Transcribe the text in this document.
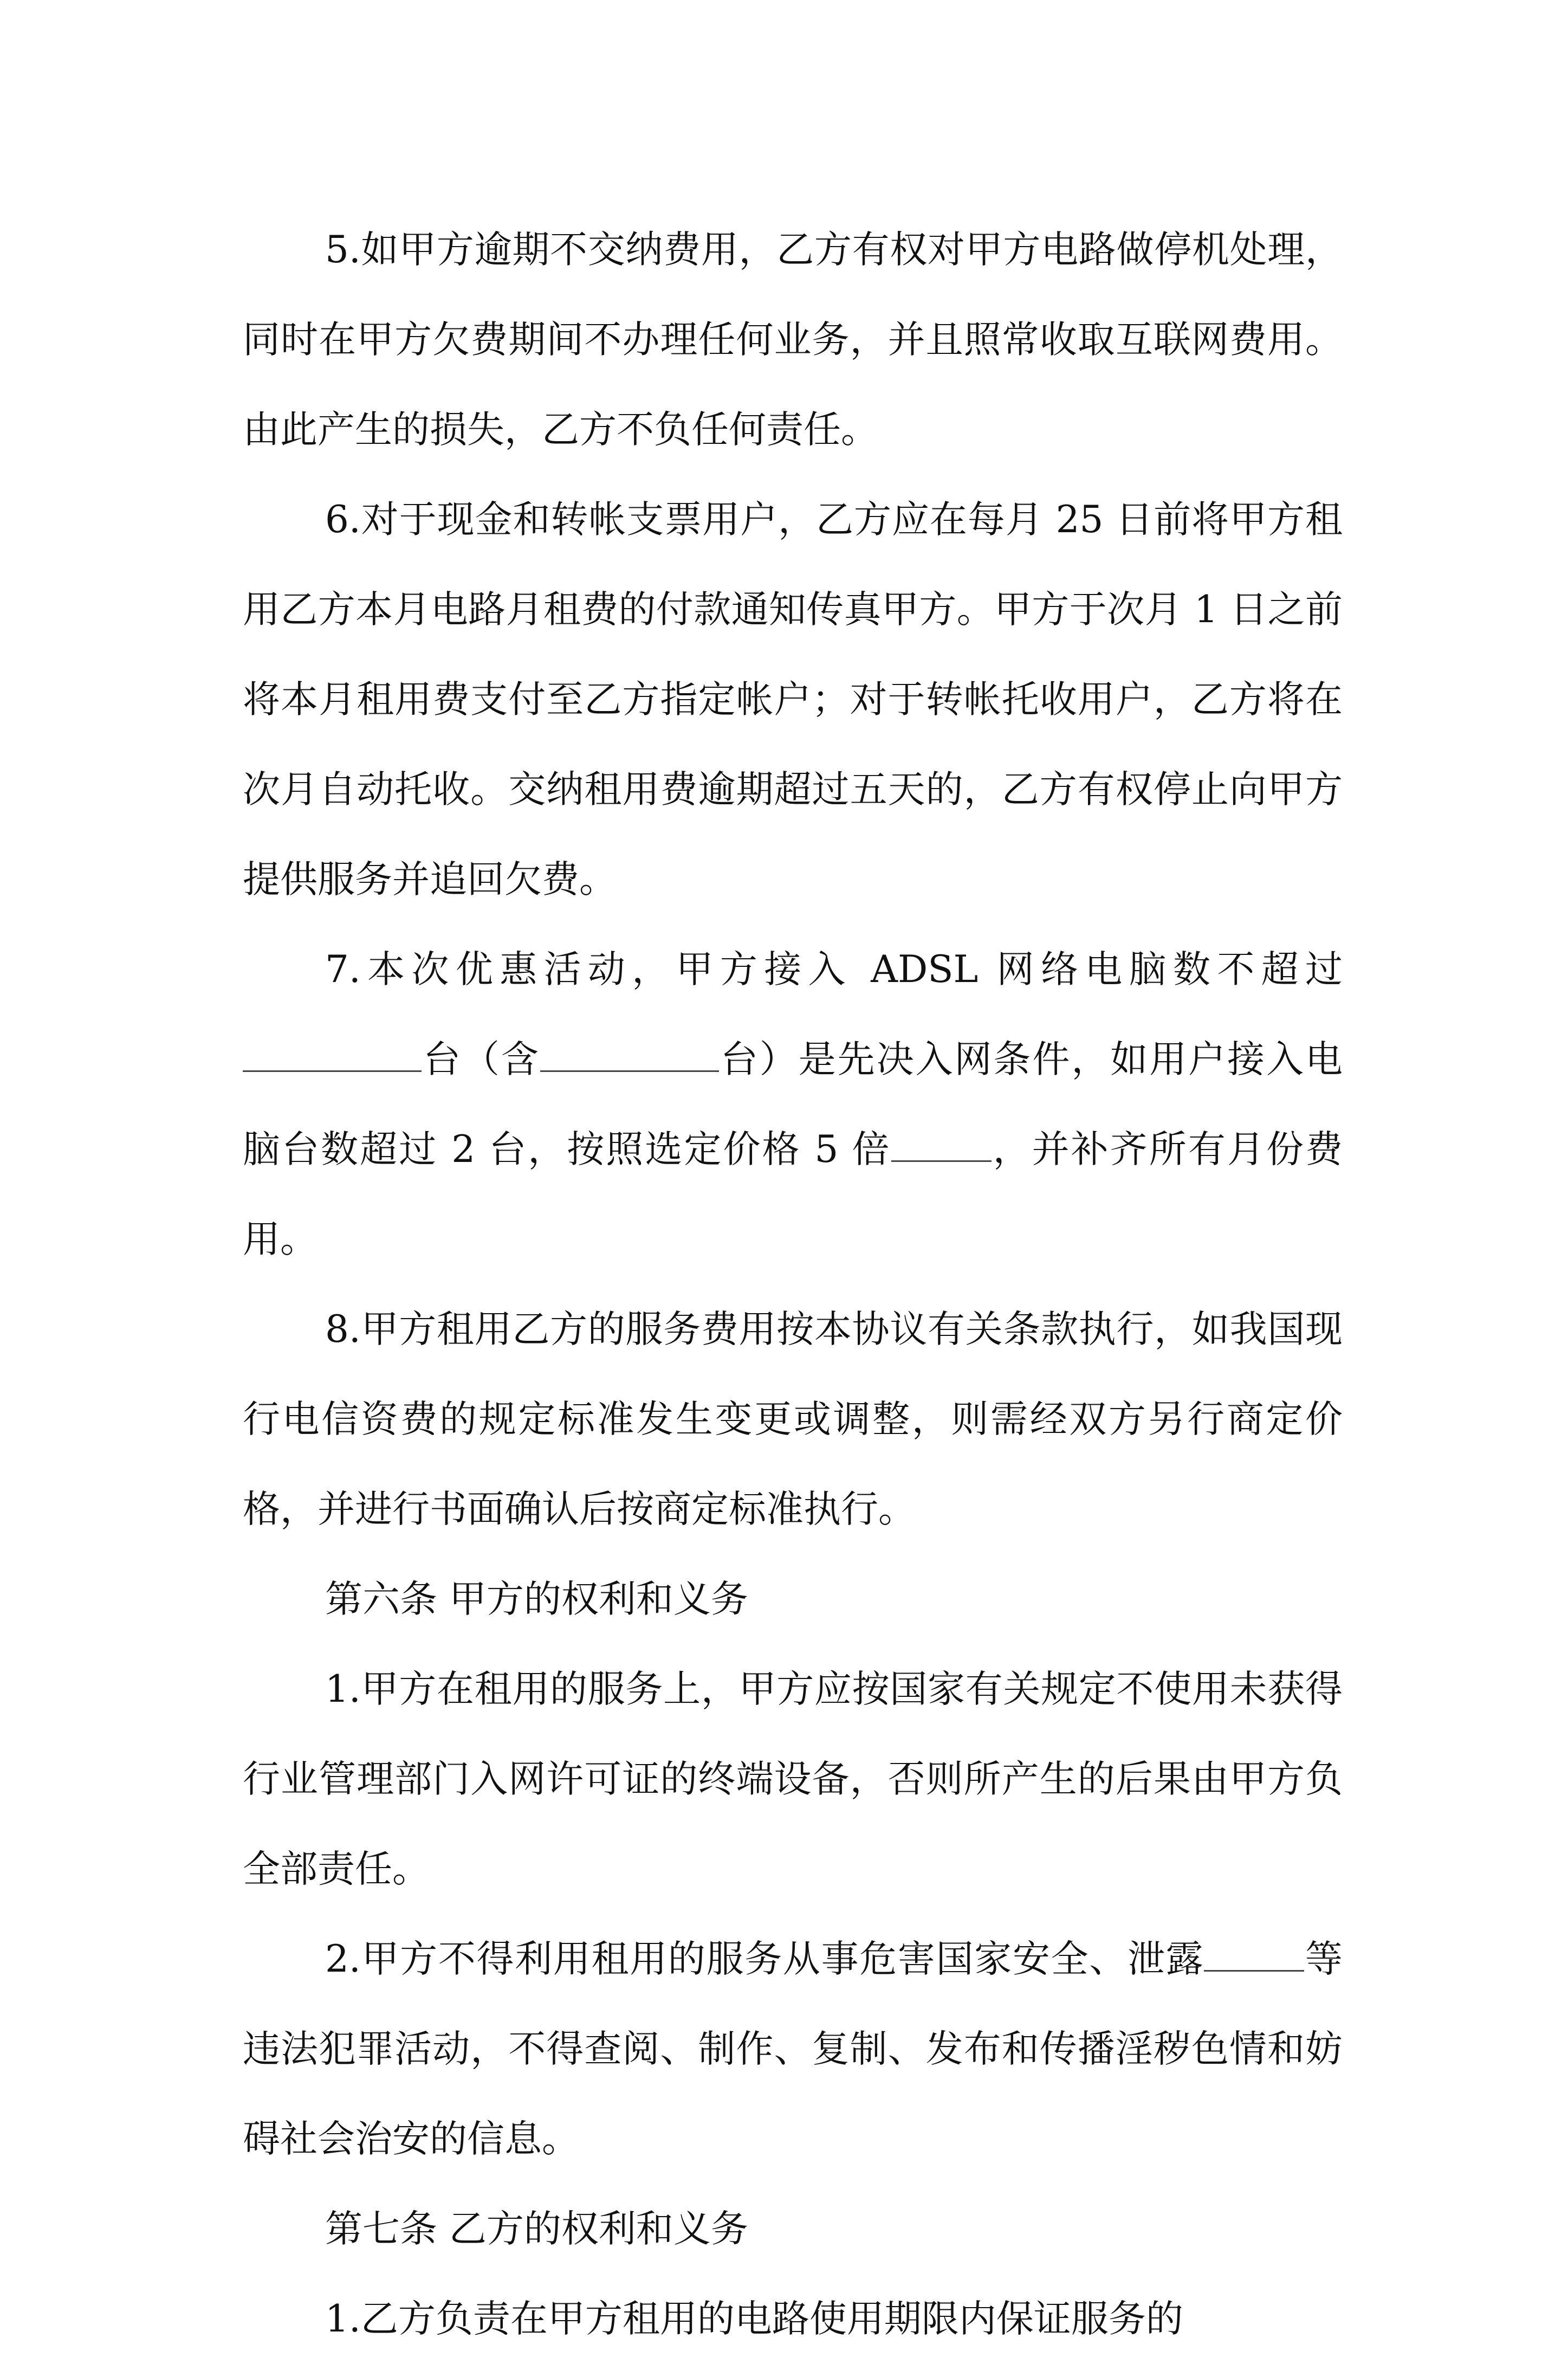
5.如甲方逾期不交纳费用，乙方有权对甲方电路做停机处理，同时在甲方欠费期间不办理任何业务，并且照常收取互联网费用。由此产生的损失，乙方不负任何责任。

6.对于现金和转帐支票用户，乙方应在每月 25 日前将甲方租用乙方本月电路月租费的付款通知传真甲方。甲方于次月 1 日之前将本月租用费支付至乙方指定帐户；对于转帐托收用户，乙方将在次月自动托收。交纳租用费逾期超过五天的，乙方有权停止向甲方提供服务并追回欠费。

7.本次优惠活动，甲方接入 ADSL 网络电脑数不超过台（含	台）是先决入网条件，如用户接入电脑台数超过 2 台，按照选定价格 5 倍	，并补齐所有月份费用。

8.甲方租用乙方的服务费用按本协议有关条款执行，如我国现行电信资费的规定标准发生变更或调整，则需经双方另行商定价格，并进行书面确认后按商定标准执行。

第六条 甲方的权利和义务

1.甲方在租用的服务上，甲方应按国家有关规定不使用未获得行业管理部门入网许可证的终端设备，否则所产生的后果由甲方负全部责任。

2.甲方不得利用租用的服务从事危害国家安全、泄露	等违法犯罪活动，不得查阅、制作、复制、发布和传播淫秽色情和妨碍社会治安的信息。

第七条 乙方的权利和义务

1.乙方负责在甲方租用的电路使用期限内保证服务的
